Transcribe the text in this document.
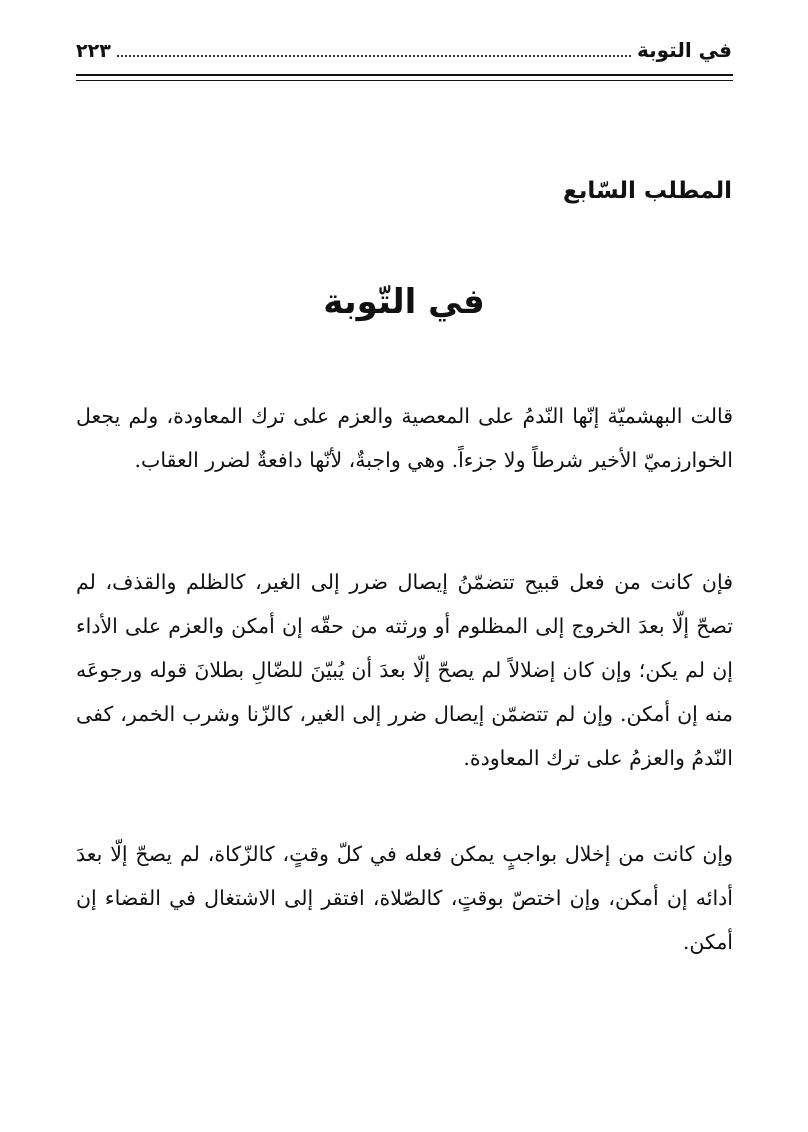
في التوبة
٢٢٣
المطلب السّابع
في التّوبة

قالت البهشميّة إنّها النّدمُ على المعصية والعزم على ترك المعاودة، ولم يجعل الخوارزميّ الأخير شرطاً ولا جزءاً. وهي واجبةٌ، لأنّها دافعةٌ لضرر العقاب.

فإن كانت من فعل قبيح تتضمّنُ إيصال ضرر إلى الغير، كالظلم والقذف، لم تصحّ إلّا بعدَ الخروج إلى المظلوم أو ورثته من حقّه إن أمكن والعزم على الأداء إن لم يكن؛ وإن كان إضلالاً لم يصحّ إلّا بعدَ أن يُبيّنَ للضّالِ بطلانَ قوله ورجوعَه منه إن أمكن. وإن لم تتضمّن إيصال ضرر إلى الغير، كالزّنا وشرب الخمر، كفى النّدمُ والعزمُ على ترك المعاودة.

وإن كانت من إخلال بواجبٍ يمكن فعله في كلّ وقتٍ، كالزّكاة، لم يصحّ إلّا بعدَ أدائه إن أمكن، وإن اختصّ بوقتٍ، كالصّلاة، افتقر إلى الاشتغال في القضاء إن أمكن.
